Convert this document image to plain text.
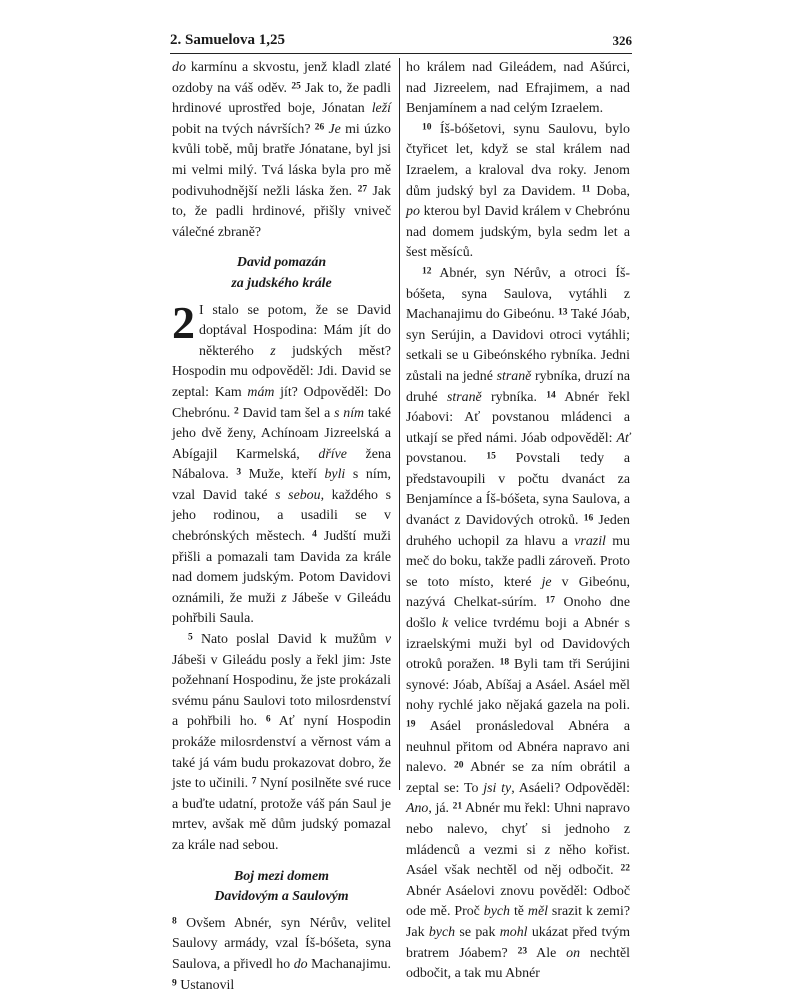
2. Samuelova 1,25	326

do karmínu a skvostu, jenž kladl zlaté ozdoby na váš oděv. $^{25}$ Jak to, že padli hrdinové uprostřed boje, Jónatan leží pobit na tvých návrších? $^{26}$ Je mi úzko kvůli tobě, můj bratře Jónatane, byl jsi mi velmi milý. Tvá láska byla pro mě podivuhodnější nežli láska žen. $^{27}$ Jak to, že padli hrdinové, přišly vniveč válečné zbraně?

David pomazán
za judského krále

2 I stalo se potom, že se David doptával Hospodina: Mám jít do některého z judských měst? Hospodin mu odpověděl: Jdi. David se zeptal: Kam mám jít? Odpověděl: Do Chebrónu. $^2$ David tam šel a s ním také jeho dvě ženy, Achínoam Jizreelská a Abígajil Karmelská, dříve žena Nábalova. $^3$ Muže, kteří byli s ním, vzal David také s sebou, každého s jeho rodinou, a usadili se v chebrónských městech. $^4$ Judští muži přišli a pomazali tam Davida za krále nad domem judským. Potom Davidovi oznámili, že muži z Jábeše v Gileádu pohřbili Saula.

$^5$ Nato poslal David k mužům v Jábeši v Gileádu posly a řekl jim: Jste požehnaní Hospodinu, že jste prokázali svému pánu Saulovi toto milosrdenství a pohřbili ho. $^6$ Ať nyní Hospodin prokáže milosrdenství a věrnost vám a také já vám budu prokazovat dobro, že jste to učinili. $^7$ Nyní posilněte své ruce a buďte udatní, protože váš pán Saul je mrtev, avšak mě dům judský pomazal za krále nad sebou.

Boj mezi domem
Davidovým a Saulovým

$^8$ Ovšem Abnér, syn Nérův, velitel Saulovy armády, vzal Íš-bóšeta, syna Saulova, a přivedl ho do Machanajimu. $^9$ Ustanovil

ho králem nad Gileádem, nad Ašúrci, nad Jizreelem, nad Efrajimem, a nad Benjamínem a nad celým Izraelem.

$^{10}$ Íš-bóšetovi, synu Saulovu, bylo čtyřicet let, když se stal králem nad Izraelem, a kraloval dva roky. Jenom dům judský byl za Davidem. $^{11}$ Doba, po kterou byl David králem v Chebrónu nad domem judským, byla sedm let a šest měsíců.

$^{12}$ Abnér, syn Nérův, a otroci Íš-bóšeta, syna Saulova, vytáhli z Machanajimu do Gibeónu. $^{13}$ Také Jóab, syn Serújin, a Davidovi otroci vytáhli; setkali se u Gibeónského rybníka. Jedni zůstali na jedné straně rybníka, druzí na druhé straně rybníka. $^{14}$ Abnér řekl Jóabovi: Ať povstanou mládenci a utkají se před námi. Jóab odpověděl: Ať povstanou. $^{15}$ Povstali tedy a představoupili v počtu dvanáct za Benjamínce a Íš-bóšeta, syna Saulova, a dvanáct z Davidových otroků. $^{16}$ Jeden druhého uchopil za hlavu a vrazil mu meč do boku, takže padli zároveň. Proto se toto místo, které je v Gibeónu, nazývá Chelkat-súrím. $^{17}$ Onoho dne došlo k velice tvrdému boji a Abnér s izraelskými muži byl od Davidových otroků poražen. $^{18}$ Byli tam tři Serújini synové: Jóab, Abíšaj a Asáel. Asáel měl nohy rychlé jako nějaká gazela na poli. $^{19}$ Asáel pronásledoval Abnéra a neuhnul přitom od Abnéra napravo ani nalevo. $^{20}$ Abnér se za ním obrátil a zeptal se: To jsi ty, Asáeli? Odpověděl: Ano, já. $^{21}$ Abnér mu řekl: Uhni napravo nebo nalevo, chyť si jednoho z mládenců a vezmi si z něho kořist. Asáel však nechtěl od něj odbočit. $^{22}$ Abnér Asáelovi znovu pověděl: Odboč ode mě. Proč bych tě měl srazit k zemi? Jak bych se pak mohl ukázat před tvým bratrem Jóabem? $^{23}$ Ale on nechtěl odbočit, a tak mu Abnér
